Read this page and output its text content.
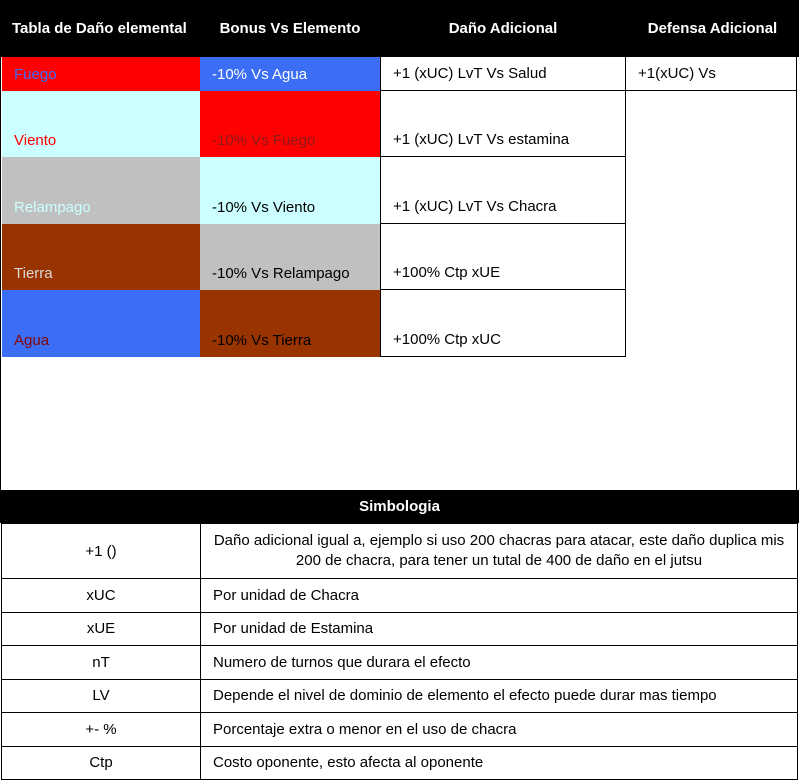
Tabla de Daño elemental	Bonus Vs Elemento	Daño Adicional	Defensa Adicional
Fuego	-10% Vs Agua	+1 (xUC) LvT Vs Salud	+1(xUC) Vs
Viento	-10% Vs Fuego	+1 (xUC) LvT Vs estamina
Relampago	-10% Vs Viento	+1 (xUC) LvT Vs Chacra
Tierra	-10% Vs Relampago	+100% Ctp xUE
Agua	-10% Vs Tierra	+100% Ctp xUC
Simbologia
+1 ()	Daño adicional igual a, ejemplo si uso 200 chacras para atacar, este daño duplica mis 200 de chacra, para tener un tutal de 400 de daño en el jutsu
xUC	Por unidad de Chacra
xUE	Por unidad de Estamina
nT	Numero de turnos que durara el efecto
LV	Depende el nivel de dominio de elemento el efecto puede durar mas tiempo
+- %	Porcentaje extra o menor en el uso de chacra
Ctp	Costo oponente, esto afecta al oponente
